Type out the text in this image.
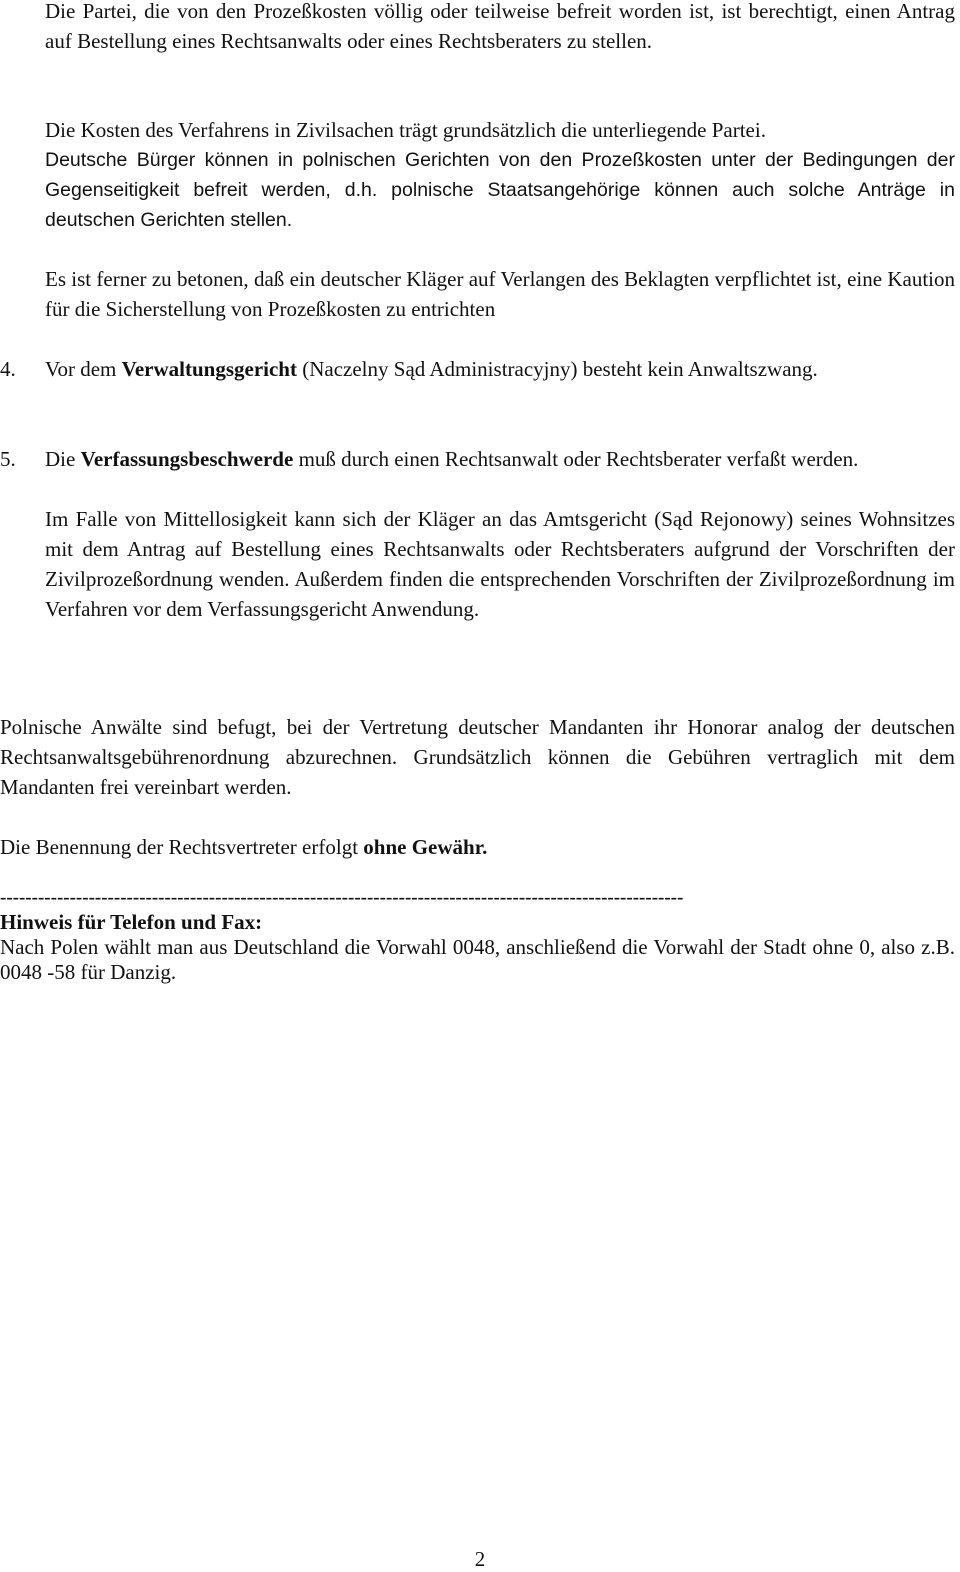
Die Partei, die von den Prozeßkosten völlig oder teilweise befreit worden ist, ist berechtigt, einen Antrag auf Bestellung eines Rechtsanwalts oder eines Rechtsberaters zu stellen.

Die Kosten des Verfahrens in Zivilsachen trägt grundsätzlich die unterliegende Partei.

Deutsche Bürger können in polnischen Gerichten von den Prozeßkosten unter der Bedingungen der Gegenseitigkeit befreit werden, d.h. polnische Staatsangehörige können auch solche Anträge in deutschen Gerichten stellen.

Es ist ferner zu betonen, daß ein deutscher Kläger auf Verlangen des Beklagten verpflichtet ist, eine Kaution für die Sicherstellung von Prozeßkosten zu entrichten

4. Vor dem Verwaltungsgericht (Naczelny Sąd Administracyjny) besteht kein Anwaltszwang.

5. Die Verfassungsbeschwerde muß durch einen Rechtsanwalt oder Rechtsberater verfaßt werden.

Im Falle von Mittellosigkeit kann sich der Kläger an das Amtsgericht (Sąd Rejonowy) seines Wohnsitzes mit dem Antrag auf Bestellung eines Rechtsanwalts oder Rechtsberaters aufgrund der Vorschriften der Zivilprozeßordnung wenden. Außerdem finden die entsprechenden Vorschriften der Zivilprozeßordnung im Verfahren vor dem Verfassungsgericht Anwendung.

Polnische Anwälte sind befugt, bei der Vertretung deutscher Mandanten ihr Honorar analog der deutschen Rechtsanwaltsgebührenordnung abzurechnen. Grundsätzlich können die Gebühren vertraglich mit dem Mandanten frei vereinbart werden.

Die Benennung der Rechtsvertreter erfolgt ohne Gewähr.

------------------------------------------------------------------------------------------------------------

Hinweis für Telefon und Fax:

Nach Polen wählt man aus Deutschland die Vorwahl 0048, anschließend die Vorwahl der Stadt ohne 0, also z.B. 0048 -58 für Danzig.

2
